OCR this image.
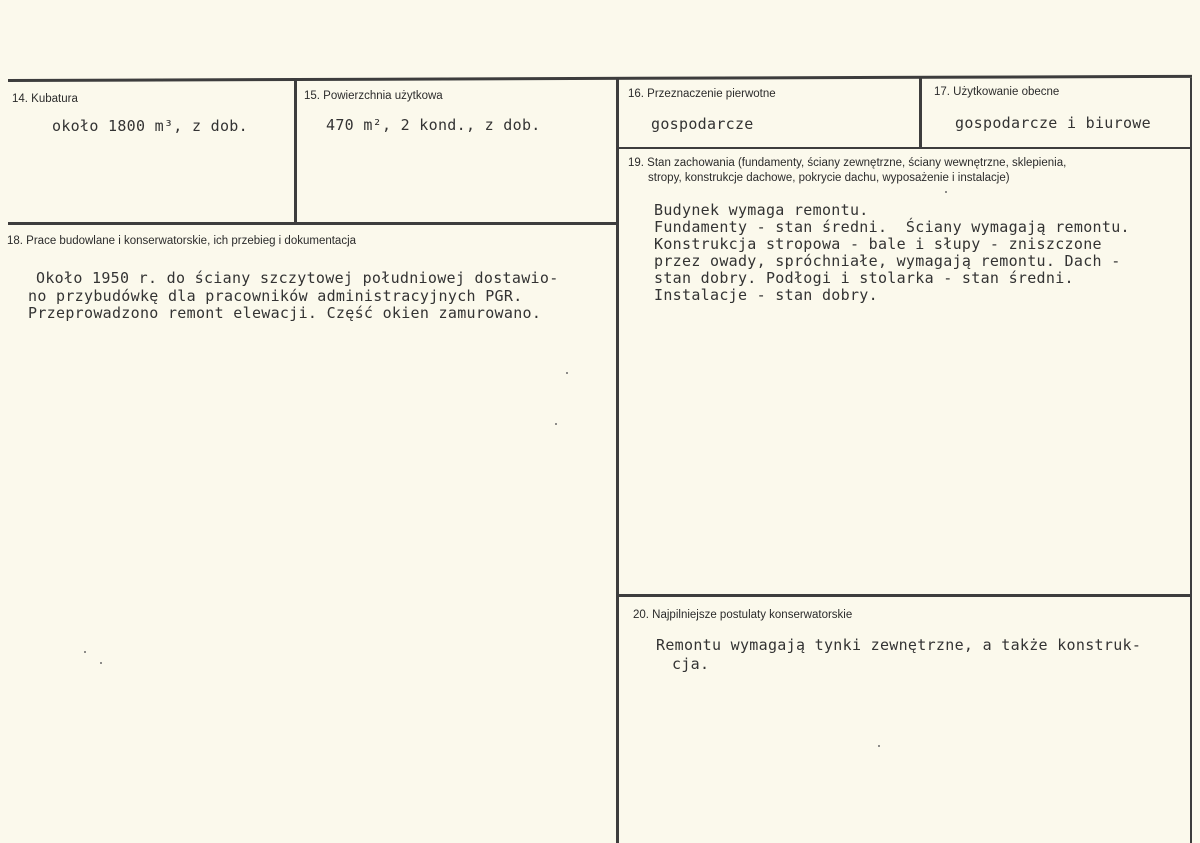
14. Kubatura
około 1800 m³, z dob.
15. Powierzchnia użytkowa
470 m², 2 kond., z dob.
16. Przeznaczenie pierwotne
gospodarcze
17. Użytkowanie obecne
gospodarcze i biurowe
18. Prace budowlane i konserwatorskie, ich przebieg i dokumentacja
Około 1950 r. do ściany szczytowej południowej dostawio-
no przybudówkę dla pracowników administracyjnych PGR.
Przeprowadzono remont elewacji. Część okien zamurowano.
19. Stan zachowania (fundamenty, ściany zewnętrzne, ściany wewnętrzne, sklepienia,
stropy, konstrukcje dachowe, pokrycie dachu, wyposażenie i instalacje)
Budynek wymaga remontu.
Fundamenty - stan średni.  Ściany wymagają remontu.
Konstrukcja stropowa - bale i słupy - zniszczone
przez owady, spróchniałe, wymagają remontu. Dach -
stan dobry. Podłogi i stolarka - stan średni.
Instalacje - stan dobry.
20. Najpilniejsze postulaty konserwatorskie
Remontu wymagają tynki zewnętrzne, a także konstruk-
cja.
